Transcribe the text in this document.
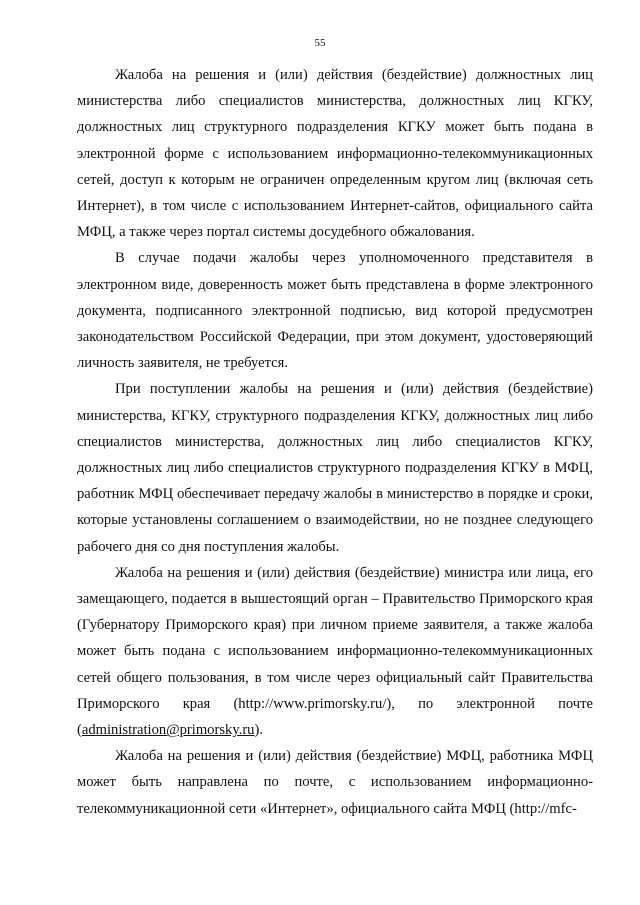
55

Жалоба на решения и (или) действия (бездействие) должностных лиц министерства либо специалистов министерства, должностных лиц КГКУ, должностных лиц структурного подразделения КГКУ может быть подана в электронной форме с использованием информационно-телекоммуникационных сетей, доступ к которым не ограничен определенным кругом лиц (включая сеть Интернет), в том числе с использованием Интернет-сайтов, официального сайта МФЦ, а также через портал системы досудебного обжалования.

В случае подачи жалобы через уполномоченного представителя в электронном виде, доверенность может быть представлена в форме электронного документа, подписанного электронной подписью, вид которой предусмотрен законодательством Российской Федерации, при этом документ, удостоверяющий личность заявителя, не требуется.

При поступлении жалобы на решения и (или) действия (бездействие) министерства, КГКУ, структурного подразделения КГКУ, должностных лиц либо специалистов министерства, должностных лиц либо специалистов КГКУ, должностных лиц либо специалистов структурного подразделения КГКУ в МФЦ, работник МФЦ обеспечивает передачу жалобы в министерство в порядке и сроки, которые установлены соглашением о взаимодействии, но не позднее следующего рабочего дня со дня поступления жалобы.

Жалоба на решения и (или) действия (бездействие) министра или лица, его замещающего, подается в вышестоящий орган – Правительство Приморского края (Губернатору Приморского края) при личном приеме заявителя, а также жалоба может быть подана с использованием информационно-телекоммуникационных сетей общего пользования, в том числе через официальный сайт Правительства Приморского края (http://www.primorsky.ru/), по электронной почте (administration@primorsky.ru).

Жалоба на решения и (или) действия (бездействие) МФЦ, работника МФЦ может быть направлена по почте, с использованием информационно-телекоммуникационной сети «Интернет», официального сайта МФЦ (http://mfc-
